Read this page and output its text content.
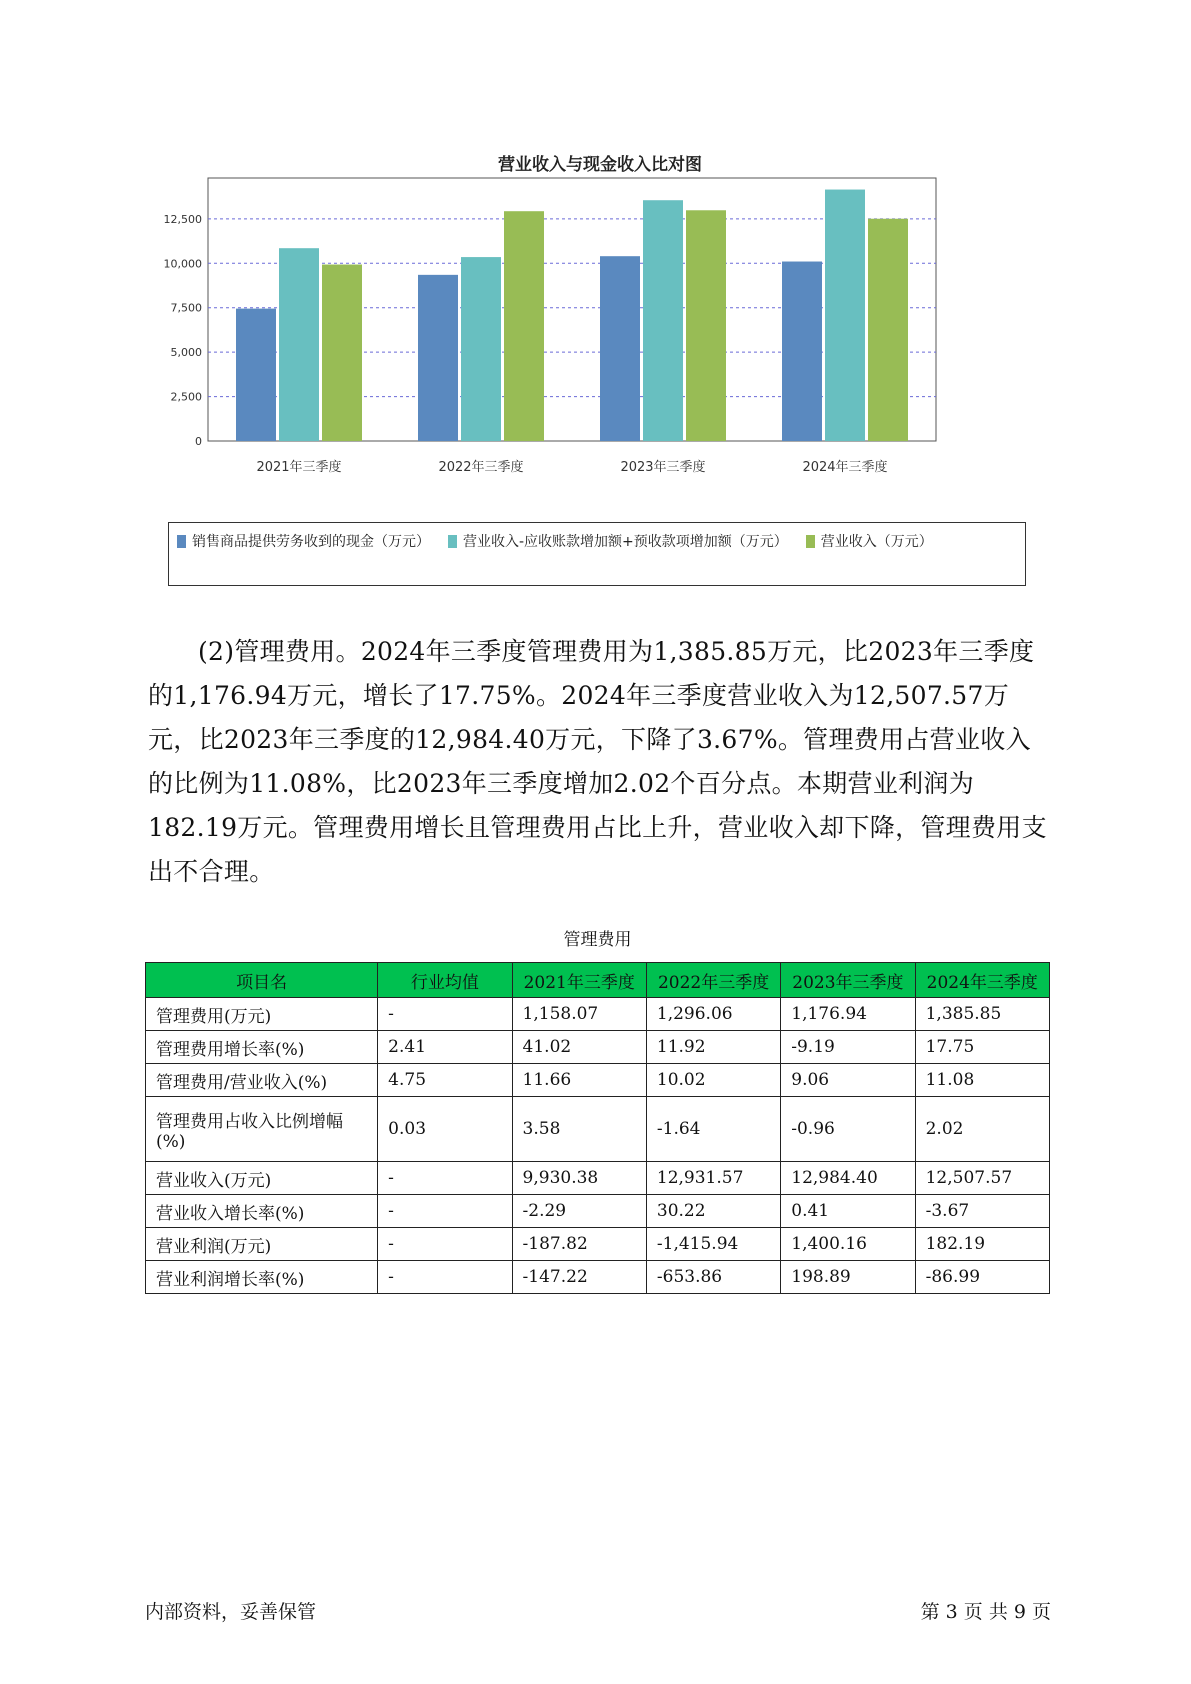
营业收入与现金收入比对图
0
2,500
5,000
7,500
10,000
12,500
2021年三季度	2022年三季度	2023年三季度	2024年三季度
销售商品提供劳务收到的现金（万元） 营业收入-应收账款增加额+预收款项增加额（万元） 营业收入（万元）

(2)管理费用。2024年三季度管理费用为1,385.85万元，比2023年三季度的1,176.94万元，增长了17.75%。2024年三季度营业收入为12,507.57万元，比2023年三季度的12,984.40万元，下降了3.67%。管理费用占营业收入的比例为11.08%，比2023年三季度增加2.02个百分点。本期营业利润为182.19万元。管理费用增长且管理费用占比上升，营业收入却下降，管理费用支出不合理。

管理费用
项目名	行业均值	2021年三季度	2022年三季度	2023年三季度	2024年三季度
管理费用(万元)	-	1,158.07	1,296.06	1,176.94	1,385.85
管理费用增长率(%)	2.41	41.02	11.92	-9.19	17.75
管理费用/营业收入(%)	4.75	11.66	10.02	9.06	11.08
管理费用占收入比例增幅(%)	0.03	3.58	-1.64	-0.96	2.02
营业收入(万元)	-	9,930.38	12,931.57	12,984.40	12,507.57
营业收入增长率(%)	-	-2.29	30.22	0.41	-3.67
营业利润(万元)	-	-187.82	-1,415.94	1,400.16	182.19
营业利润增长率(%)	-	-147.22	-653.86	198.89	-86.99
内部资料，妥善保管	第 3 页 共 9 页
